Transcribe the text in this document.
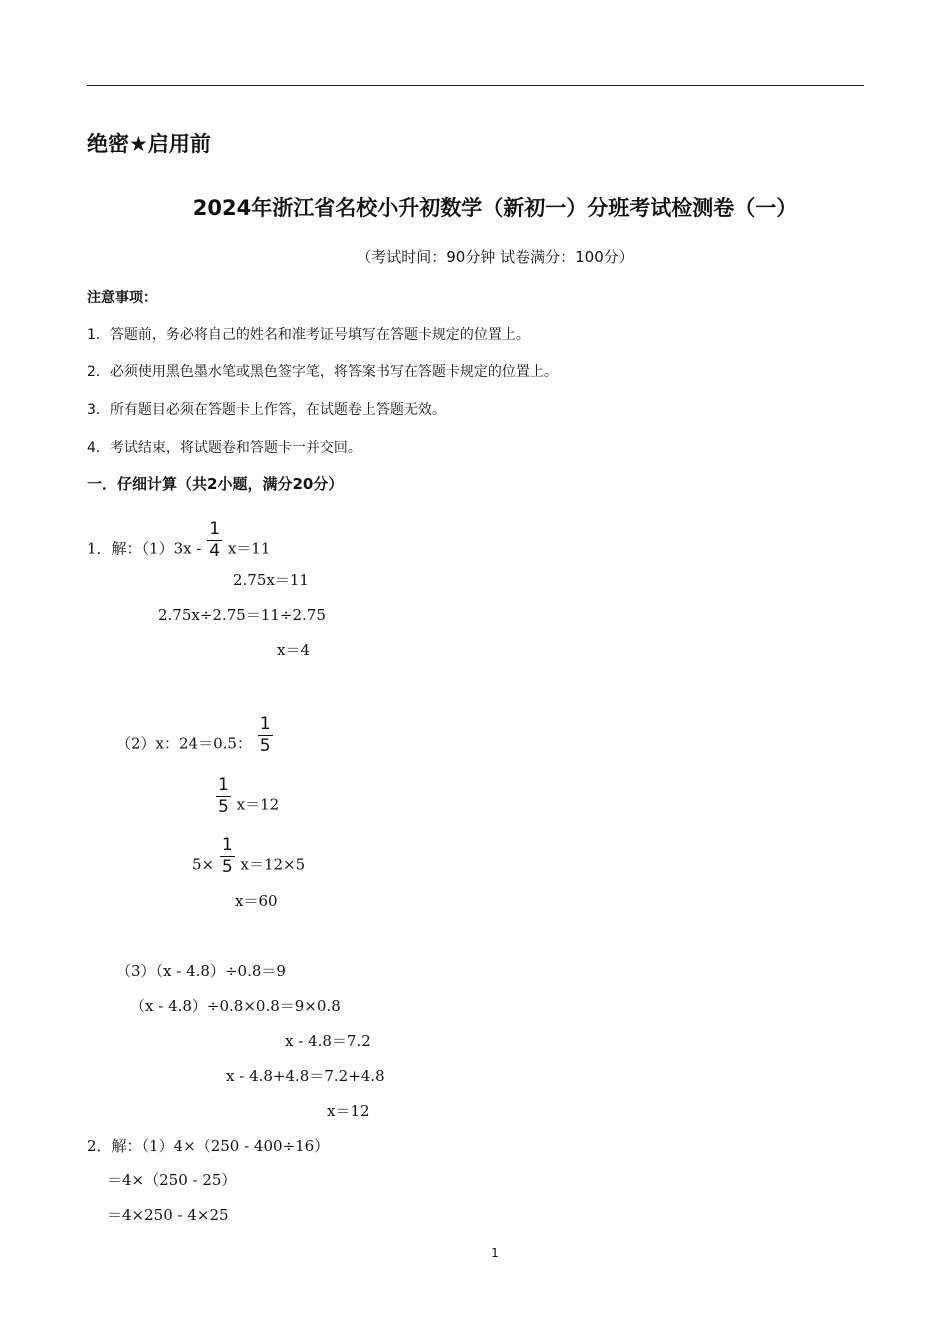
绝密★启用前
2024年浙江省名校小升初数学（新初一）分班考试检测卷（一）
（考试时间：90分钟 试卷满分：100分）
注意事项：
1．答题前，务必将自己的姓名和准考证号填写在答题卡规定的位置上。
2．必须使用黑色墨水笔或黑色签字笔，将答案书写在答题卡规定的位置上。
3．所有题目必须在答题卡上作答，在试题卷上答题无效。
4．考试结束，将试题卷和答题卡一并交回。
一．仔细计算（共2小题，满分20分）
1．解：$(1)3x - \frac{1}{4} x=11$
2.75x＝11
2.75x÷2.75＝11÷2.75
x＝4
（2）x：24＝0.5： $\frac{1}{5}$
$\frac{1}{5} x=12$
$5\times \frac{1}{5} x=12\times 5$
x＝60
（3）（x - 4.8）÷0.8＝9
（x - 4.8）÷0.8×0.8＝9×0.8
x - 4.8＝7.2
x - 4.8+4.8＝7.2+4.8
x＝12
2．解：（1）4×（250 - 400÷16）
＝4×（250 - 25）
＝4×250 - 4×25
1
